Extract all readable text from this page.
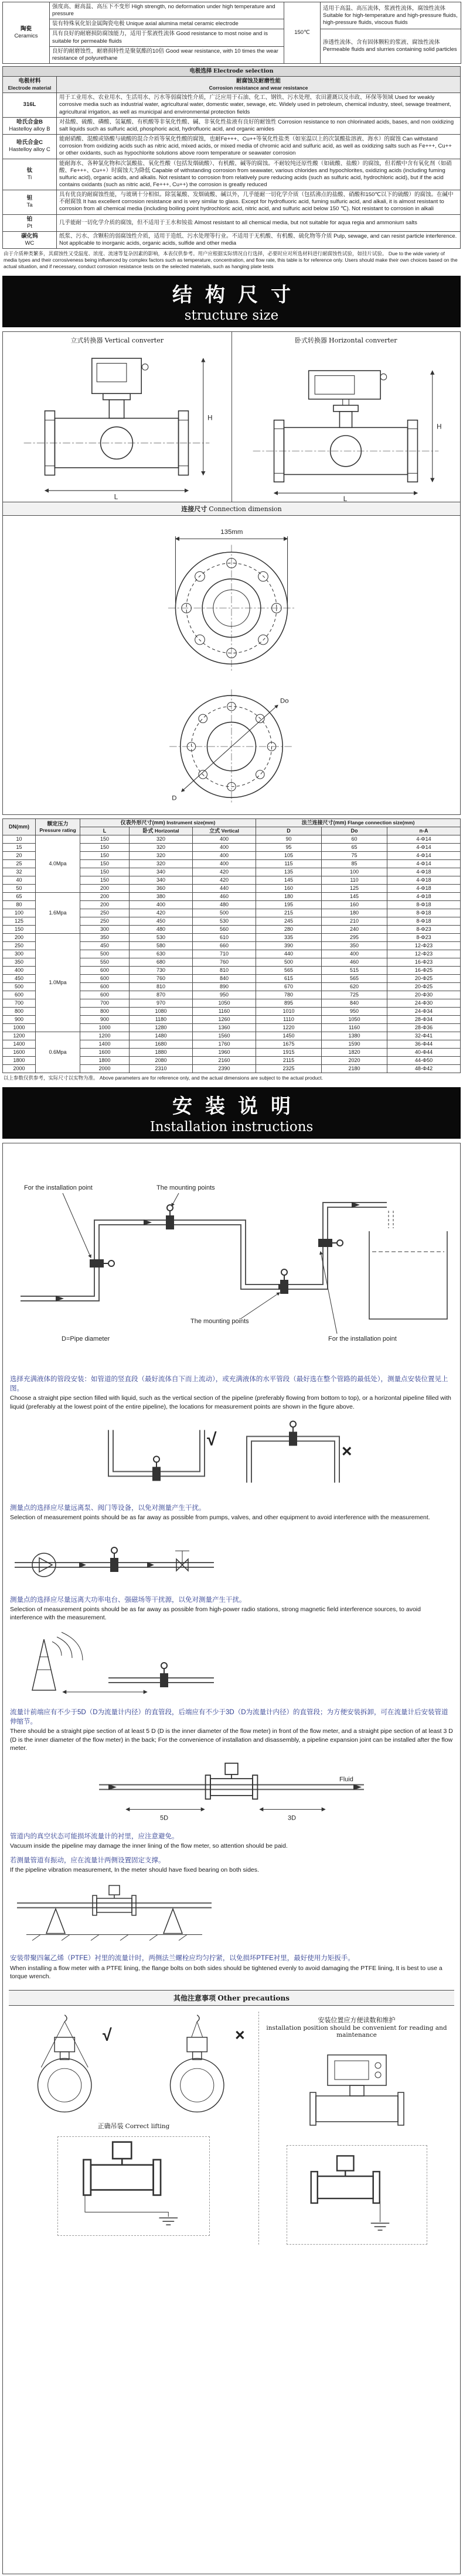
陶瓷
Ceramics	强度高、耐高温、高压下不变形 High strength, no deformation under high temperature and pressure	150℃	适用于高温、高压流体，浆液性流体，腐蚀性流体 Suitable for high-temperature and high-pressure fluids, high-pressure fluids, viscous fluids
	装有特殊氧化铝金属陶瓷电极 Unique axial alumina metal ceramic electrode		
	具有良好的耐磨损防腐蚀能力，适用于浆液性流体 Good resistance to most noise and is suitable for permeable fluids		渗透性流体、含有固体颗粒的浆液、腐蚀性流体 Permeable fluids and slurries containing solid particles
	良好的耐磨蚀性，耐磨损特性是聚氨酯的10倍 Good wear resistance, with 10 times the wear resistance of polyurethane		
电极选择 Electrode selection	

电极材料
Electrode material

耐腐蚀及耐磨性能
Corrosion resistance and wear resistance

316L	用于工业用水、农业用水、生活用水、污水等弱腐蚀性介质，广泛应用于石油、化工、钢铁、污水处理、农田灌溉以及市政、环保等领域 Used for weakly corrosive media such as industrial water, agricultural water, domestic water, sewage, etc. Widely used in petroleum, chemical industry, steel, sewage treatment, agricultural irrigation, as well as municipal and environmental protection fields

哈氏合金B
Hastelloy alloy B	对盐酸、硫酸、磷酸、氢氟酸、有机酸等非氧化性酸、碱、非氧化性盐液有良好的耐蚀性 Corrosion resistance to non chlorinated acids, bases, and non oxidizing salt liquids such as sulfuric acid, phosphoric acid, hydrofluoric acid, and organic amides

哈氏合金C
Hastelloy alloy C	能耐硝酸、混酸或铬酸与硫酸的混合介质等氧化性酸的腐蚀，也耐Fe+++、Cu++等氧化性盐类（如室温以上的次氯酸盐溶液、海水）的腐蚀 Can withstand corrosion from oxidizing acids such as nitric acid, mixed acids, or mixed media of chromic acid and sulfuric acid, as well as oxidizing salts such as Fe+++, Cu++ or other oxidants, such as hypochlorite solutions above room temperature or seawater corrosion

钛
Ti	能耐海水、各种氯化物和次氯酸盐、氧化性酸（包括发烟硫酸）、有机酸、碱等的腐蚀。不耐较纯还原性酸（如硫酸、盐酸）的腐蚀，但若酸中含有氧化剂（如硝酸、Fe+++、Cu++）时腐蚀大为降低 Capable of withstanding corrosion from seawater, various chlorides and hypochlorites, oxidizing acids (including fuming sulfuric acid), organic acids, and alkalis. Not resistant to corrosion from relatively pure reducing acids (such as sulfuric acid, hydrochloric acid), but if the acid contains oxidants (such as nitric acid, Fe+++, Cu++) the corrosion is greatly reduced

钽
Ta	具有优良的耐腐蚀性能，与玻璃十分相似。除氢氟酸、发烟硫酸、碱以外，几乎能耐一切化学介质（包括沸点的盐酸、硝酸和150℃以下的硫酸）的腐蚀。在碱中不耐腐蚀 It has excellent corrosion resistance and is very similar to glass. Except for hydrofluoric acid, fuming sulfuric acid, and alkali, it is almost resistant to corrosion from all chemical media (including boiling point hydrochloric acid, nitric acid, and sulfuric acid below 150 ℃). Not resistant to corrosion in alkali

铂
Pt	几乎能耐一切化学介质的腐蚀，但不适用于王水和铵盐 Almost resistant to all chemical media, but not suitable for aqua regia and ammonium salts

碳化钨
WC	纸浆、污水、含颗粒的弱腐蚀性介质，适用于造纸、污水处理等行业。不适用于无机酸、有机酸、硫化物等介质 Pulp, sewage, and can resist particle interference. Not applicable to inorganic acids, organic acids, sulfide and other media
由于介质种类繁多，其腐蚀性又受温度、浓度、流速等复杂因素的影响，本表仅供参考。用户应根据实际情况自行选择，必要时应对所选材料进行耐腐蚀性试验，如挂片试验。 Due to the wide variety of media types and their corrosiveness being influenced by complex factors such as temperature, concentration, and flow rate, this table is for reference only. Users should make their own choices based on the actual situation, and if necessary, conduct corrosion resistance tests on the selected materials, such as hanging plate tests
结构尺寸
structure size
立式转换器 Vertical converter
H
L
卧式转换器 Horizontal converter
H
L
连接尺寸 Connection dimension
135mm
Do
D
DN(mm)	额定压力
Pressure rating	仪表外形尺寸(mm) Instrument size(mm)			法兰连接尺寸(mm) Flange connection size(mm)		
		L	卧式 Horizontal	立式 Vertical	D	Do	n-A
10	4.0Mpa	150	320	400	90	60	4-Φ14
15		150	320	400	95	65	4-Φ14
20		150	320	400	105	75	4-Φ14
25		150	320	400	115	85	4-Φ14
32		150	340	420	135	100	4-Φ18
40		150	340	420	145	110	4-Φ18
50		200	360	440	160	125	4-Φ18
65	1.6Mpa	200	380	460	180	145	4-Φ18
80		200	400	480	195	160	8-Φ18
100		250	420	500	215	180	8-Φ18
125		250	450	530	245	210	8-Φ18
150		300	480	560	280	240	8-Φ23
200	1.0Mpa	350	530	610	335	295	8-Φ23
250		450	580	660	390	350	12-Φ23
300		500	630	710	440	400	12-Φ23
350		550	680	760	500	460	16-Φ23
400		600	730	810	565	515	16-Φ25
450		600	760	840	615	565	20-Φ25
500		600	810	890	670	620	20-Φ25
600		600	870	950	780	725	20-Φ30
700		700	970	1050	895	840	24-Φ30
800		800	1080	1160	1010	950	24-Φ34
900		900	1180	1260	1110	1050	28-Φ34
1000		1000	1280	1360	1220	1160	28-Φ36
1200	0.6Mpa	1200	1480	1560	1450	1380	32-Φ41
1400		1400	1680	1760	1675	1590	36-Φ44
1600		1600	1880	1960	1915	1820	40-Φ44
1800		1800	2080	2160	2115	2020	44-Φ50
2000		2000	2310	2390	2325	2180	48-Φ42
以上参数仅供参考，实际尺寸以实物为准。 Above parameters are for reference only, and the actual dimensions are subject to the actual product.
安装说明
Installation instructions
For the installation point	The mounting points
The mounting points
For the installation point
D=Pipe diameter
选择充满液体的管段安装：如管道的竖直段（最好流体自下而上流动），或充满液体的水平管段（最好选在整个管路的最低处），测量点安装位置见上图。
Choose a straight pipe section filled with liquid, such as the vertical section of the pipeline (preferably flowing from bottom to top), or a horizontal pipeline filled with liquid (preferably at the lowest point of the entire pipeline), the locations for measurement points are shown in the figure above.
√
×
测量点的选择应尽量远离泵、阀门等设备，以免对测量产生干扰。
Selection of measurement points should be as far away as possible from pumps, valves, and other equipment to avoid interference with the measurement.
测量点的选择应尽量远离大功率电台、强磁场等干扰源，以免对测量产生干扰。
Selection of measurement points should be as far away as possible from high-power radio stations, strong magnetic field interference sources, to avoid interference with the measurement.
流量计前端应有不少于5D（D为流量计内径）的直管段，后端应有不少于3D（D为流量计内径）的直管段；为方便安装拆卸，可在流量计后安装管道伸缩节。
There should be a straight pipe section of at least 5 D (D is the inner diameter of the flow meter) in front of the flow meter, and a straight pipe section of at least 3 D (D is the inner diameter of the flow meter) in the back; For the convenience of installation and disassembly, a pipeline expansion joint can be installed after the flow meter.
5D	3D
Fluid
管道内的真空状态可能损坏流量计的衬里，应注意避免。
Vacuum inside the pipeline may damage the inner lining of the flow meter, so attention should be paid.
若测量管道有振动，应在流量计两侧设置固定支撑。
If the pipeline vibration measurement, In the meter should have fixed bearing on both sides.
安装带聚四氟乙烯（PTFE）衬里的流量计时，两侧法兰螺栓应均匀拧紧，以免损坏PTFE衬里，最好使用力矩扳手。
When installing a flow meter with a PTFE lining, the flange bolts on both sides should be tightened evenly to avoid damaging the PTFE lining, It is best to use a torque wrench.
其他注意事项 Other precautions
√	×
正确吊装 Correct lifting
安装位置应方便读数和维护
installation position should be convenient for reading and maintenance
